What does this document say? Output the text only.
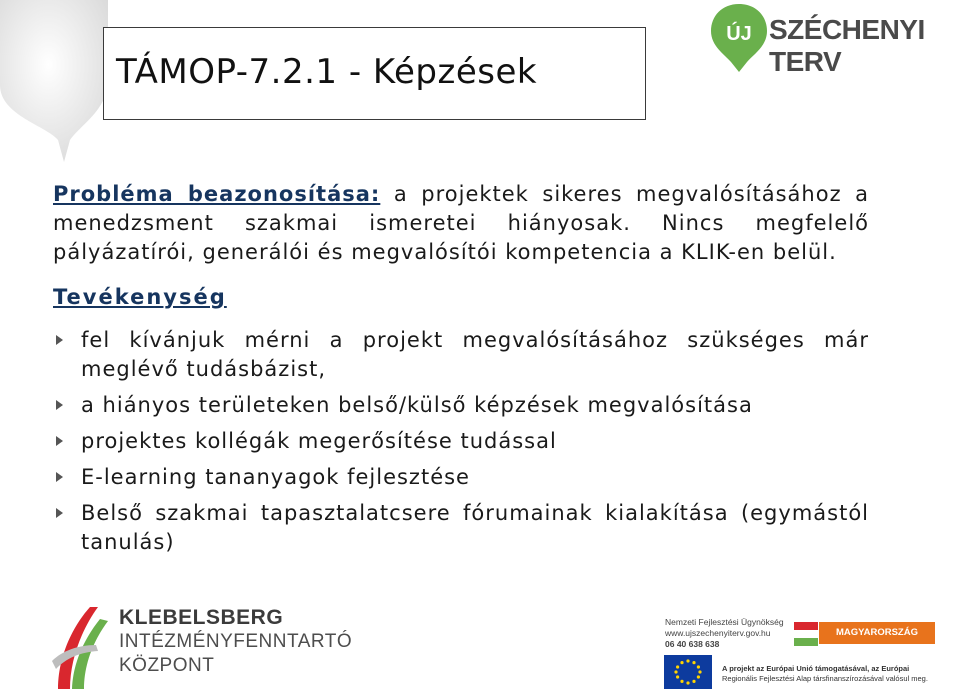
TÁMOP-7.2.1 - Képzések
ÚJ SZÉCHENYI TERV

Probléma beazonosítása: a projektek sikeres megvalósításához a menedzsment szakmai ismeretei hiányosak. Nincs megfelelő pályázatírói, generálói és megvalósítói kompetencia a KLIK-en belül.

Tevékenység
fel kívánjuk mérni a projekt megvalósításához szükséges már meglévő tudásbázist,
a hiányos területeken belső/külső képzések megvalósítása
projektes kollégák megerősítése tudással
E-learning tananyagok fejlesztése
Belső szakmai tapasztalatcsere fórumainak kialakítása (egymástól tanulás)
KLEBELSBERG
INTÉZMÉNYFENNTARTÓ
KÖZPONT
Nemzeti Fejlesztési Ügynökség
www.ujszechenyiterv.gov.hu
06 40 638 638
MAGYARORSZÁG MEGÚJUL
A projekt az Európai Unió támogatásával, az Európai
Regionális Fejlesztési Alap társfinanszírozásával valósul meg.
